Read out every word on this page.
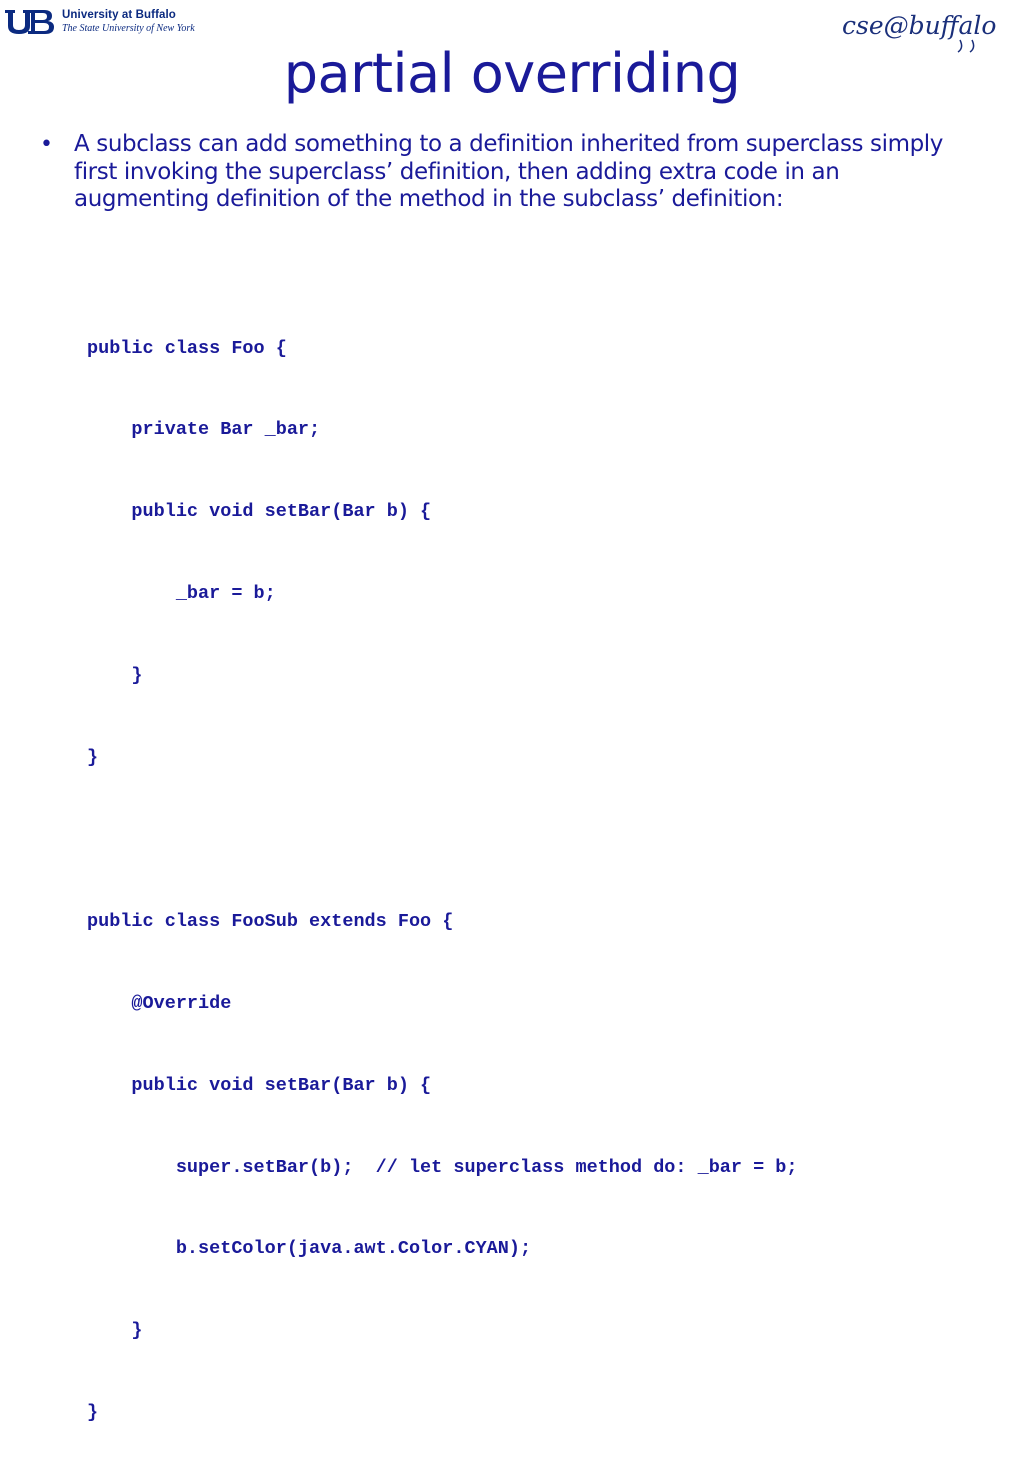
University at Buffalo
The State University of New York	cse@buffalo
partial overriding
• A subclass can add something to a definition inherited from superclass simply first invoking the superclass’ definition, then adding extra code in an augmenting definition of the method in the subclass’ definition:

public class Foo {

private Bar _bar;

public void setBar(Bar b) {

_bar = b;

}

}

public class FooSub extends Foo {

@Override

public void setBar(Bar b) {

super.setBar(b);  // let superclass method do: _bar = b;

b.setColor(java.awt.Color.CYAN);

}

}
